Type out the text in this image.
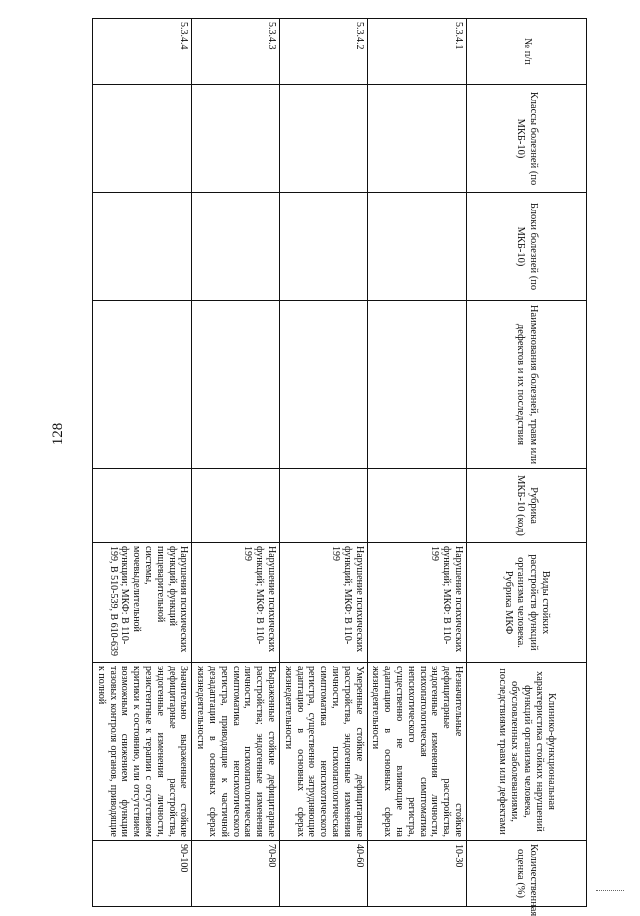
128
№ п/п	Классы болезней (по МКБ-10)	Блоки болезней (по МКБ-10)	Наименования болезней, травм или дефектов и их последствия	Рубрика МКБ-10 (код)	Виды стойких расстройств функций организма человека. Рубрика МКФ	Клинико-функциональная характеристика стойких нарушений функций организма человека, обусловленных заболеваниями, последствиями травм или дефектами	Количественная оценка (%)
5.3.4.1					Нарушение психических функций; МКФ: В 110-199	Незначительные стойкие дефицитарные расстройства, эндогенные изменения личности, психопатологическая симптоматика непсихотического регистра, существенно не влияющие на адаптацию в основных сферах жизнедеятельности	10-30
5.3.4.2					Нарушение психических функций; МКФ: В 110-199	Умеренные стойкие дефицитарные расстройства, эндогенные изменения личности, психопатологическая симптоматика непсихотического регистра, существенно затрудняющие адаптацию в основных сферах жизнедеятельности	40-60
5.3.4.3					Нарушение психических функций; МКФ: В 110-199	Выраженные стойкие дефицитарные расстройства; эндогенные изменения личности, психопатологическая симптоматика непсихотического регистра, приводящие к частичной дезадаптации в основных сферах жизнедеятельности	70-80
5.3.4.4					Нарушения психических функций, функций пищеварительной системы, мочевыделительной функции; МКФ: В 110-199, В 510-539, В 610-639	Значительно выраженные стойкие дефицитарные расстройства, эндогенные изменения личности, резистентные к терапии с отсутствием критики к состоянию, или отсутствием возможным снижением функции тазовых контроля органов, приводящие к полной	90-100
